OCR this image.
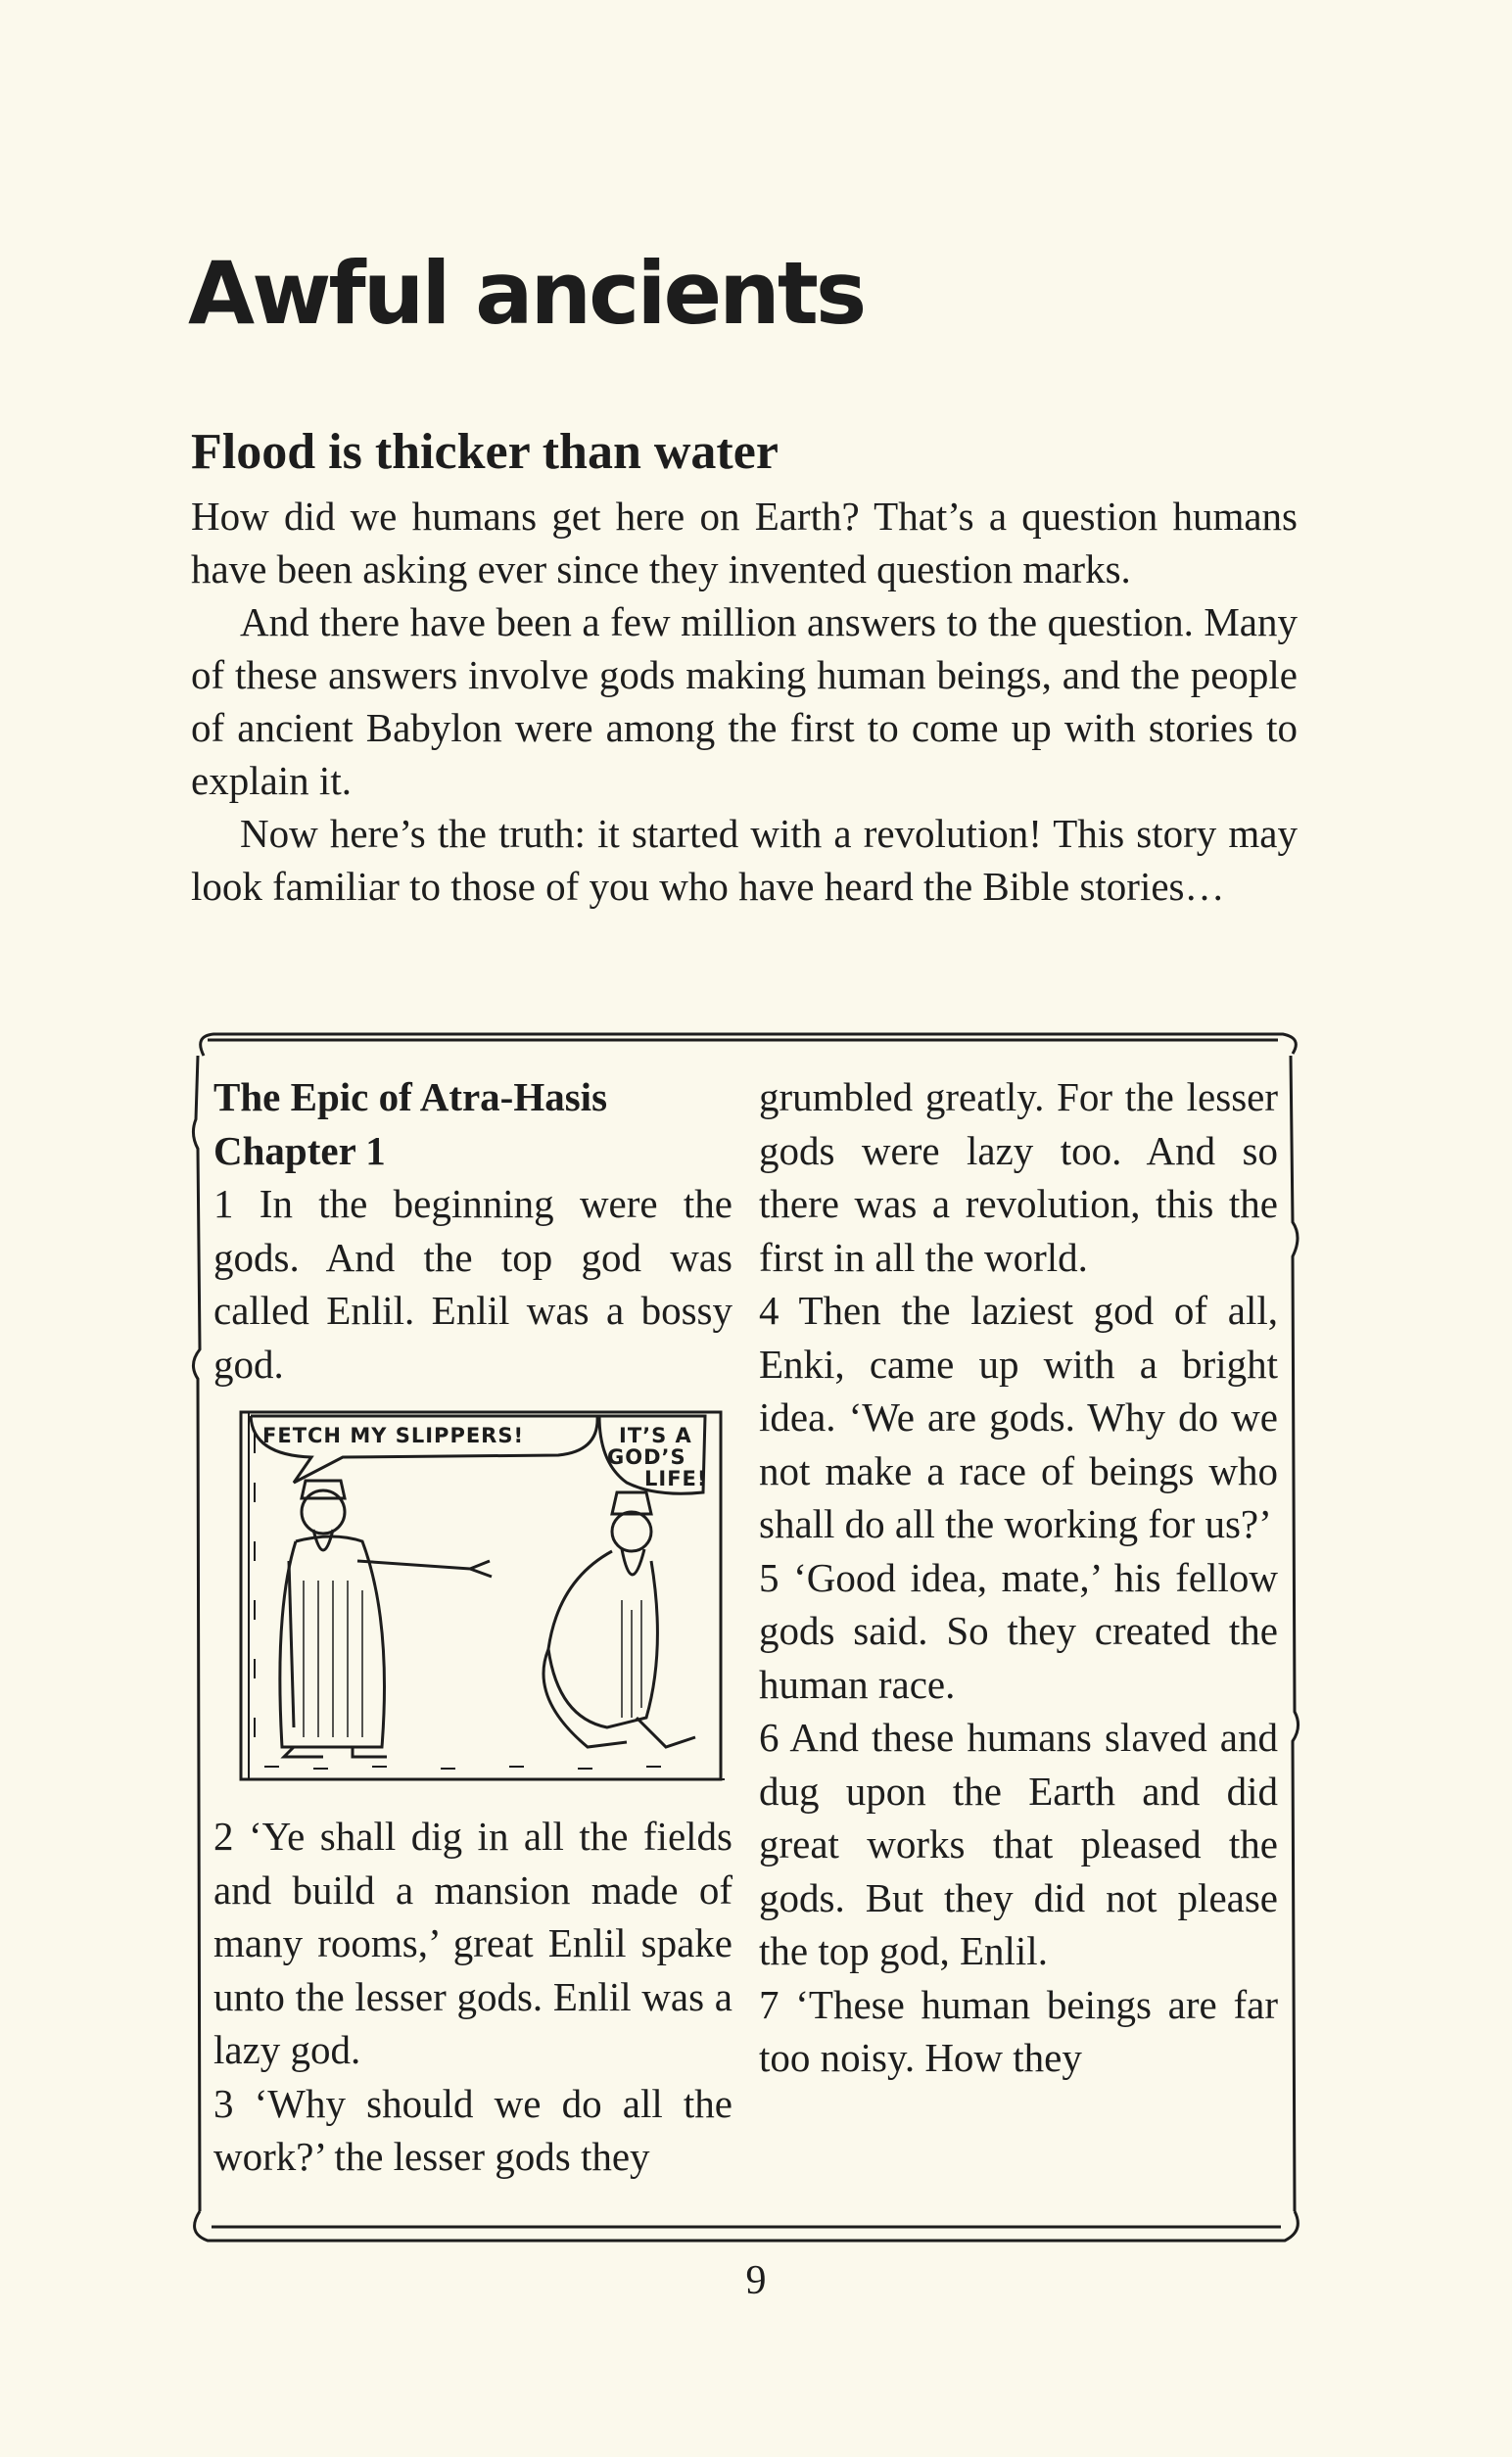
Awful ancients
Flood is thicker than water

How did we humans get here on Earth? That’s a question humans have been asking ever since they invented question marks.

And there have been a few million answers to the question. Many of these answers involve gods making human beings, and the people of ancient Babylon were among the first to come up with stories to explain it.

Now here’s the truth: it started with a revolution! This story may look familiar to those of you who have heard the Bible stories…

The Epic of Atra-Hasis

Chapter 1

1 In the beginning were the gods. And the top god was called Enlil. Enlil was a bossy god.

FETCH MY SLIPPERS!	IT’S A
GOD’S
LIFE!

2 ‘Ye shall dig in all the fields and build a mansion made of many rooms,’ great Enlil spake unto the lesser gods. Enlil was a lazy god.

3 ‘Why should we do all the work?’ the lesser gods they

grumbled greatly. For the lesser gods were lazy too. And so there was a revolution, this the first in all the world.

4 Then the laziest god of all, Enki, came up with a bright idea. ‘We are gods. Why do we not make a race of beings who shall do all the working for us?’

5 ‘Good idea, mate,’ his fellow gods said. So they created the human race.

6 And these humans slaved and dug upon the Earth and did great works that pleased the gods. But they did not please the top god, Enlil.

7 ‘These human beings are far too noisy. How they

9
